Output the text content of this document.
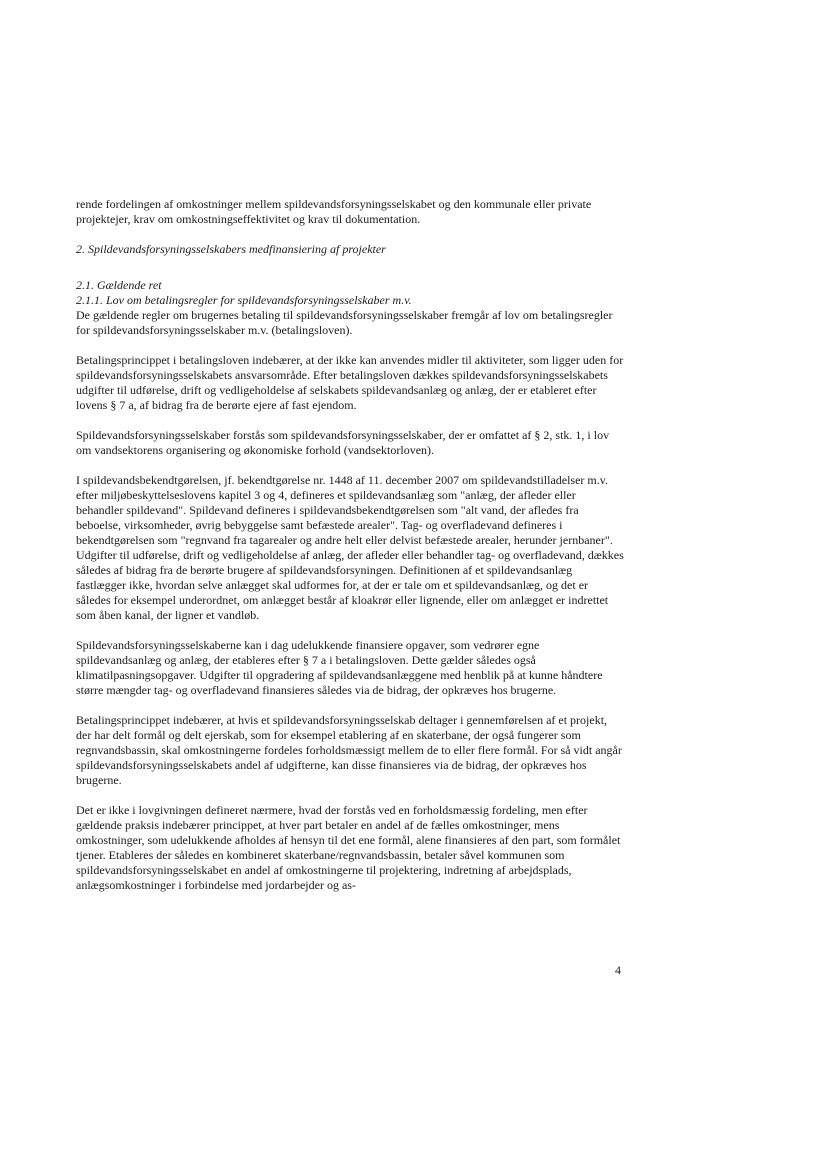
rende fordelingen af omkostninger mellem spildevandsforsyningsselskabet og den kommunale eller private projektejer, krav om omkostningseffektivitet og krav til dokumentation.

2. Spildevandsforsyningsselskabers medfinansiering af projekter

2.1. Gældende ret

2.1.1. Lov om betalingsregler for spildevandsforsyningsselskaber m.v.

De gældende regler om brugernes betaling til spildevandsforsyningsselskaber fremgår af lov om betalingsregler for spildevandsforsyningsselskaber m.v. (betalingsloven).

Betalingsprincippet i betalingsloven indebærer, at der ikke kan anvendes midler til aktiviteter, som ligger uden for spildevandsforsyningsselskabets ansvarsområde. Efter betalingsloven dækkes spildevandsforsyningsselskabets udgifter til udførelse, drift og vedligeholdelse af selskabets spildevandsanlæg og anlæg, der er etableret efter lovens § 7 a, af bidrag fra de berørte ejere af fast ejendom.

Spildevandsforsyningsselskaber forstås som spildevandsforsyningsselskaber, der er omfattet af § 2, stk. 1, i lov om vandsektorens organisering og økonomiske forhold (vandsektorloven).

I spildevandsbekendtgørelsen, jf. bekendtgørelse nr. 1448 af 11. december 2007 om spildevandstilladelser m.v. efter miljøbeskyttelseslovens kapitel 3 og 4, defineres et spildevandsanlæg som "anlæg, der afleder eller behandler spildevand". Spildevand defineres i spildevandsbekendtgørelsen som "alt vand, der afledes fra beboelse, virksomheder, øvrig bebyggelse samt befæstede arealer". Tag- og overfladevand defineres i bekendtgørelsen som "regnvand fra tagarealer og andre helt eller delvist befæstede arealer, herunder jernbaner". Udgifter til udførelse, drift og vedligeholdelse af anlæg, der afleder eller behandler tag- og overfladevand, dækkes således af bidrag fra de berørte brugere af spildevandsforsyningen. Definitionen af et spildevandsanlæg fastlægger ikke, hvordan selve anlægget skal udformes for, at der er tale om et spildevandsanlæg, og det er således for eksempel underordnet, om anlægget består af kloakrør eller lignende, eller om anlægget er indrettet som åben kanal, der ligner et vandløb.

Spildevandsforsyningsselskaberne kan i dag udelukkende finansiere opgaver, som vedrører egne spildevandsanlæg og anlæg, der etableres efter § 7 a i betalingsloven. Dette gælder således også klimatilpasningsopgaver. Udgifter til opgradering af spildevandsanlæggene med henblik på at kunne håndtere større mængder tag- og overfladevand finansieres således via de bidrag, der opkræves hos brugerne.

Betalingsprincippet indebærer, at hvis et spildevandsforsyningsselskab deltager i gennemførelsen af et projekt, der har delt formål og delt ejerskab, som for eksempel etablering af en skaterbane, der også fungerer som regnvandsbassin, skal omkostningerne fordeles forholdsmæssigt mellem de to eller flere formål. For så vidt angår spildevandsforsyningsselskabets andel af udgifterne, kan disse finansieres via de bidrag, der opkræves hos brugerne.

Det er ikke i lovgivningen defineret nærmere, hvad der forstås ved en forholdsmæssig fordeling, men efter gældende praksis indebærer princippet, at hver part betaler en andel af de fælles omkostninger, mens omkostninger, som udelukkende afholdes af hensyn til det ene formål, alene finansieres af den part, som formålet tjener. Etableres der således en kombineret skaterbane/regnvandsbassin, betaler såvel kommunen som spildevandsforsyningsselskabet en andel af omkostningerne til projektering, indretning af arbejdsplads, anlægsomkostninger i forbindelse med jordarbejder og as-

4
